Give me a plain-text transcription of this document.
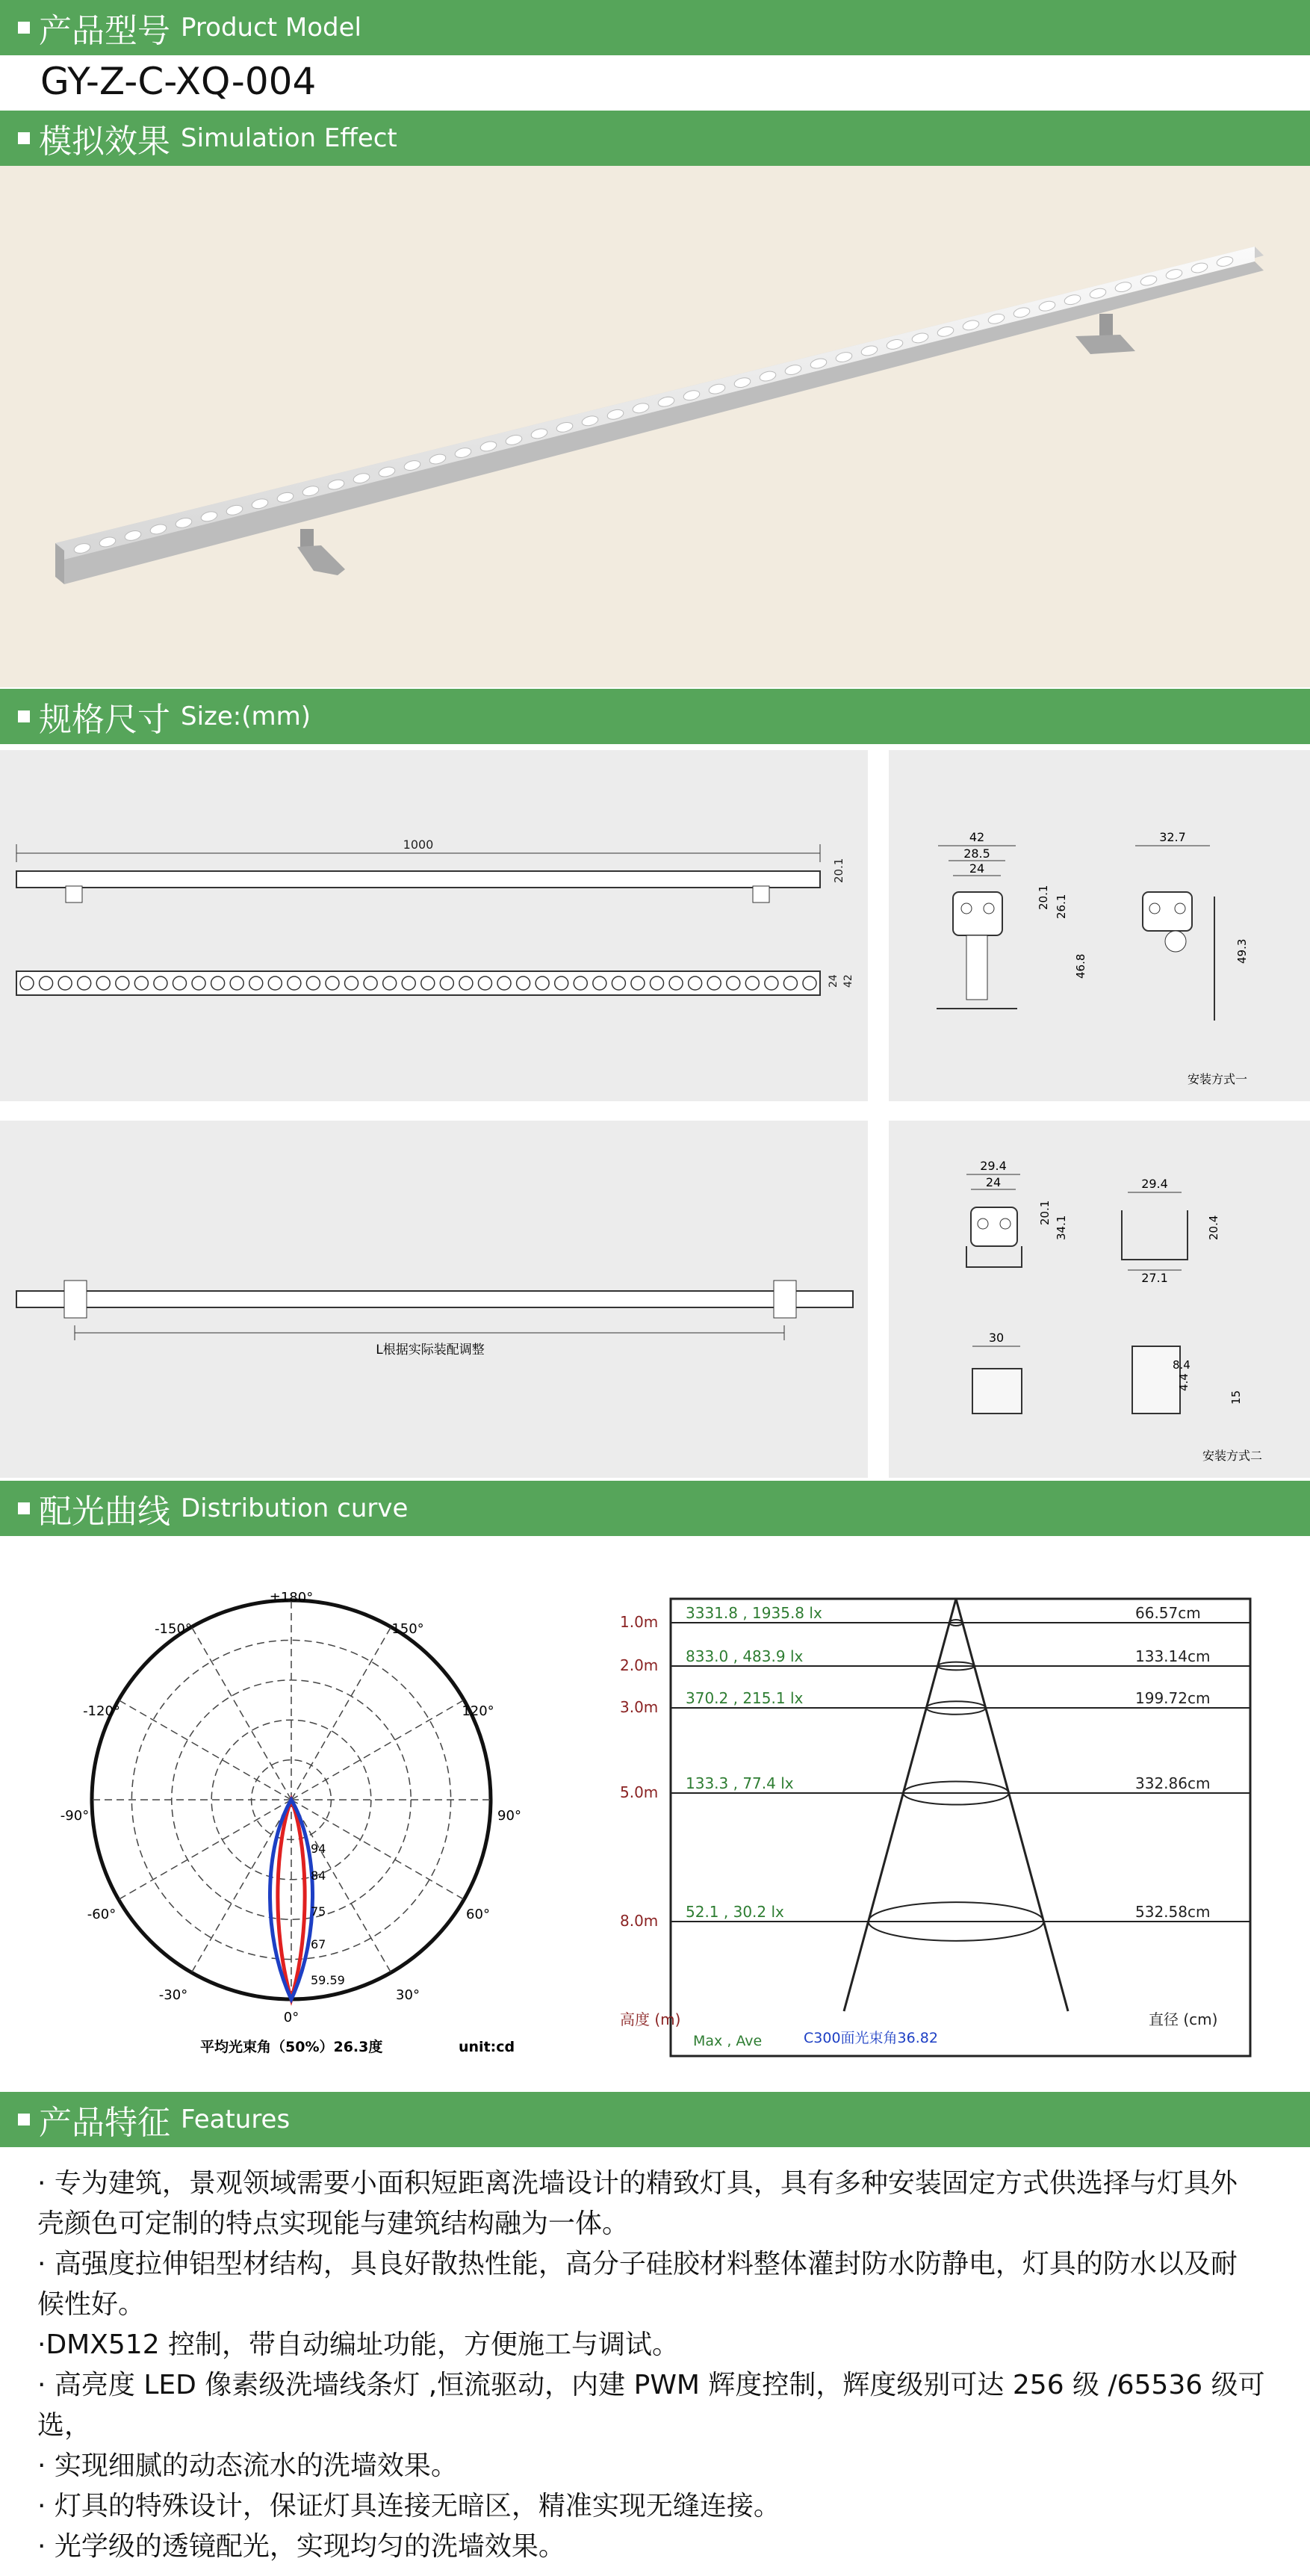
产品型号 Product Model
GY-Z-C-XQ-004
模拟效果 Simulation Effect
规格尺寸 Size:(mm)
1000
20.1
24 42
42
28.5
24
20.1 26.1
46.8
32.7
49.3
安装方式一
L根据实际装配调整
29.4
24
20.1
34.1
29.4
27.1
20.4
30
8.4
4.4
15
安装方式二
配光曲线 Distribution curve
±180°
-150°	150°
-120°	120°
-90°	90°
-60°	60°
-30°	30°
0°
94
84
75
67
59.59
平均光束角（50%）26.3度	unit:cd
1.0m 3331.8 , 1935.8 lx	66.57cm
2.0m 833.0 , 483.9 lx	133.14cm
3.0m 370.2 , 215.1 lx	199.72cm
5.0m 133.3 , 77.4 lx	332.86cm
8.0m 52.1 , 30.2 lx	532.58cm
高度 (m)	直径 (cm)
Max , Ave	C300面光束角36.82
产品特征 Features
· 专为建筑，景观领域需要小面积短距离洗墙设计的精致灯具，具有多种安装固定方式供选择与灯具外
壳颜色可定制的特点实现能与建筑结构融为一体。
· 高强度拉伸铝型材结构，具良好散热性能，高分子硅胶材料整体灌封防水防静电，灯具的防水以及耐
候性好。
·DMX512 控制，带自动编址功能，方便施工与调试。
· 高亮度 LED 像素级洗墙线条灯 ,恒流驱动，内建 PWM 辉度控制，辉度级别可达 256 级 /65536 级可选，
· 实现细腻的动态流水的洗墙效果。
· 灯具的特殊设计，保证灯具连接无暗区，精准实现无缝连接。
· 光学级的透镜配光，实现均匀的洗墙效果。
